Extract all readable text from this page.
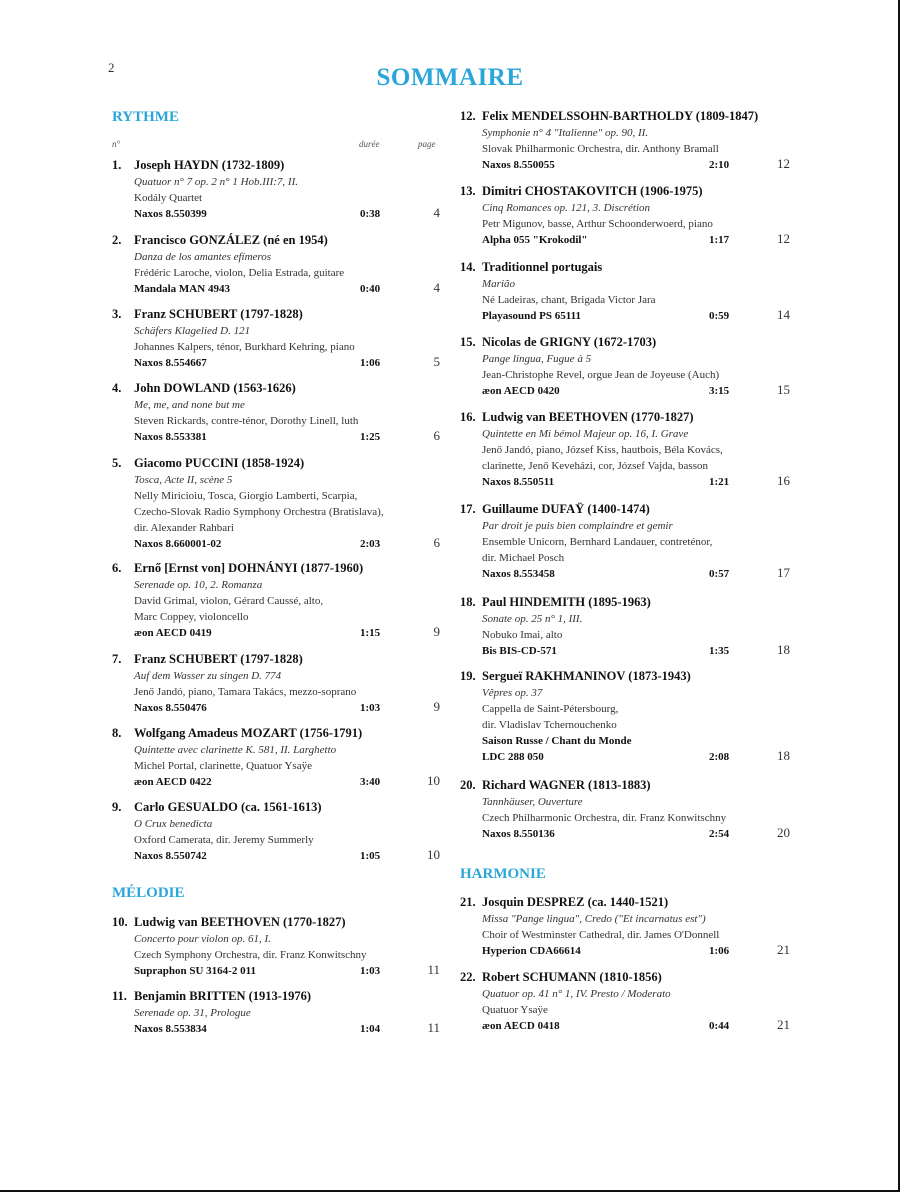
2	SOMMAIRE
RYTHME
n°	durée	page
MÉLODIE
1. Joseph HAYDN (1732-1809)
Quatuor n° 7 op. 2 n° 1 Hob.III:7, II.
Kodály Quartet
Naxos 8.550399	0:38	4
2. Francisco GONZÁLEZ (né en 1954)
Danza de los amantes efímeros
Frédéric Laroche, violon, Delia Estrada, guitare
Mandala MAN 4943	0:40	4
3. Franz SCHUBERT (1797-1828)
Schäfers Klagelied D. 121
Johannes Kalpers, ténor, Burkhard Kehring, piano
Naxos 8.554667	1:06	5
4. John DOWLAND (1563-1626)
Me, me, and none but me
Steven Rickards, contre-ténor, Dorothy Linell, luth
Naxos 8.553381	1:25	6
5. Giacomo PUCCINI (1858-1924)
Tosca, Acte II, scène 5
Nelly Miricioiu, Tosca, Giorgio Lamberti, Scarpia,
Czecho-Slovak Radio Symphony Orchestra (Bratislava),
dir. Alexander Rahbari
Naxos 8.660001-02	2:03	6
6. Ernő [Ernst von] DOHNÁNYI (1877-1960)
Serenade op. 10, 2. Romanza
David Grimal, violon, Gérard Caussé, alto,
Marc Coppey, violoncello
æon AECD 0419	1:15	9
7. Franz SCHUBERT (1797-1828)
Auf dem Wasser zu singen D. 774
Jenő Jandó, piano, Tamara Takács, mezzo-soprano
Naxos 8.550476	1:03	9
8. Wolfgang Amadeus MOZART (1756-1791)
Quintette avec clarinette K. 581, II. Larghetto
Michel Portal, clarinette, Quatuor Ysaÿe
æon AECD 0422	3:40	10
9. Carlo GESUALDO (ca. 1561-1613)
O Crux benedicta
Oxford Camerata, dir. Jeremy Summerly
Naxos 8.550742	1:05	10
10. Ludwig van BEETHOVEN (1770-1827)
Concerto pour violon op. 61, I.
Czech Symphony Orchestra, dir. Franz Konwitschny
Supraphon SU 3164-2 011	1:03	11
11. Benjamin BRITTEN (1913-1976)
Serenade op. 31, Prologue
Naxos 8.553834	1:04	11
HARMONIE
12. Felix MENDELSSOHN-BARTHOLDY (1809-1847)
Symphonie n° 4 "Italienne" op. 90, II.
Slovak Philharmonic Orchestra, dir. Anthony Bramall
Naxos 8.550055	2:10	12
13. Dimitri CHOSTAKOVITCH (1906-1975)
Cinq Romances op. 121, 3. Discrétion
Petr Migunov, basse, Arthur Schoonderwoerd, piano
Alpha 055 "Krokodil"	1:17	12
14. Traditionnel portugais
Marião
Né Ladeiras, chant, Brigada Victor Jara
Playasound PS 65111	0:59	14
15. Nicolas de GRIGNY (1672-1703)
Pange lingua, Fugue à 5
Jean-Christophe Revel, orgue Jean de Joyeuse (Auch)
æon AECD 0420	3:15	15
16. Ludwig van BEETHOVEN (1770-1827)
Quintette en Mi bémol Majeur op. 16, I. Grave
Jenő Jandó, piano, József Kiss, hautbois, Béla Kovács,
clarinette, Jenő Keveházi, cor, József Vajda, basson
Naxos 8.550511	1:21	16
17. Guillaume DUFAŸ (1400-1474)
Par droit je puis bien complaindre et gemir
Ensemble Unicorn, Bernhard Landauer, contreténor,
dir. Michael Posch
Naxos 8.553458	0:57	17
18. Paul HINDEMITH (1895-1963)
Sonate op. 25 n° 1, III.
Nobuko Imai, alto
Bis BIS-CD-571	1:35	18
19. Sergueï RAKHMANINOV (1873-1943)
Vêpres op. 37
Cappella de Saint-Pétersbourg,
dir. Vladislav Tchernouchenko
Saison Russe / Chant du Monde
LDC 288 050	2:08	18
20. Richard WAGNER (1813-1883)
Tannhäuser, Ouverture
Czech Philharmonic Orchestra, dir. Franz Konwitschny
Naxos 8.550136	2:54	20
21. Josquin DESPREZ (ca. 1440-1521)
Missa "Pange lingua", Credo ("Et incarnatus est")
Choir of Westminster Cathedral, dir. James O'Donnell
Hyperion CDA66614	1:06	21
22. Robert SCHUMANN (1810-1856)
Quatuor op. 41 n° 1, IV. Presto / Moderato
Quatuor Ysaÿe
æon AECD 0418	0:44	21
